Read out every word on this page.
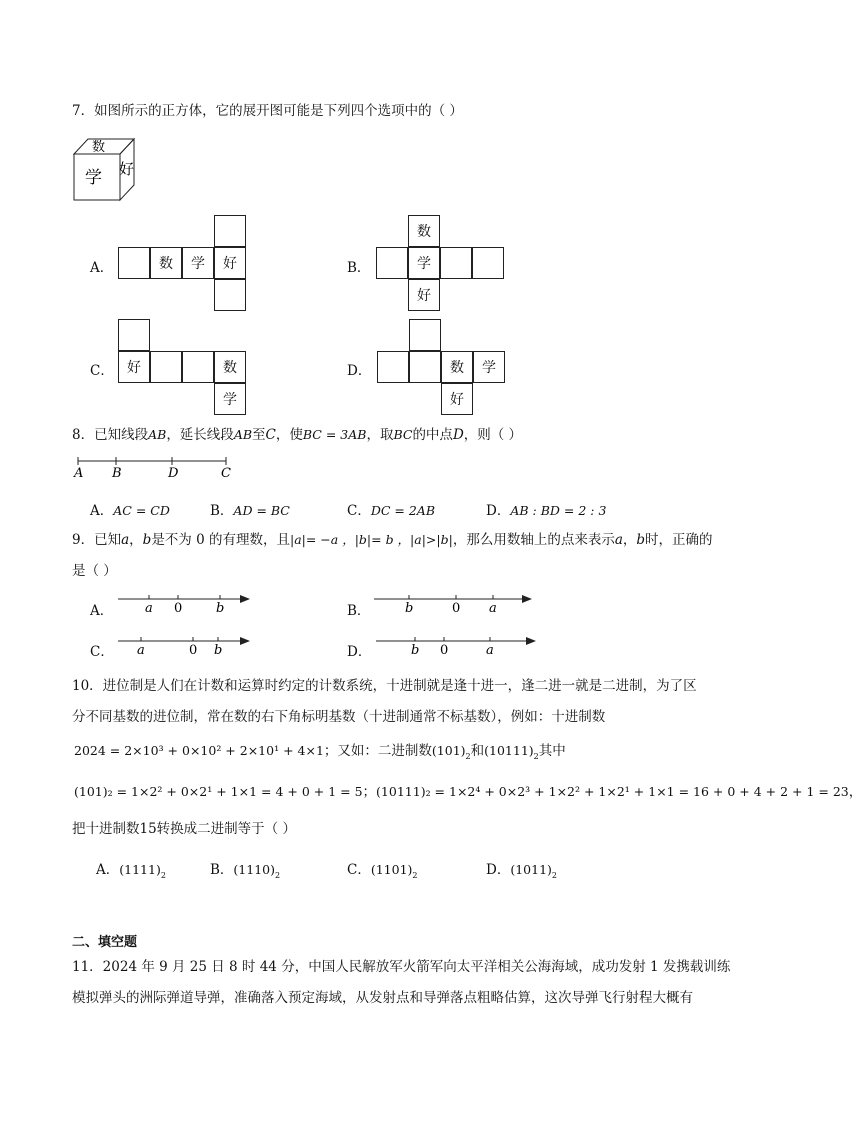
7．如图所示的正方体，它的展开图可能是下列四个选项中的（ ）
数
学 好
A．	数	学	好	B．
数
学
好
C． 好	数
学
D．	数	学
好
8．已知线段AB，延长线段AB至C，使BC = 3AB，取BC的中点D，则（ ）
A B	D	C
A．AC = CD	B．AD = BC	C．DC = 2AB	D．AB : BD = 2 : 3
9．已知a，b是不为 0 的有理数，且|a|= −a ，|b|= b ，|a|>|b|，那么用数轴上的点来表示a，b时，正确的
是（ ）
A． a 0	b	B．	b	0 a
C． a	0 b	D．	b 0	a
10．进位制是人们在计数和运算时约定的计数系统，十进制就是逢十进一，逢二进一就是二进制，为了区
分不同基数的进位制，常在数的右下角标明基数（十进制通常不标基数），例如：十进制数
2024 = 2×10³ + 0×10² + 2×10¹ + 4×1；又如：二进制数$(101)_2$和$(10111)_2$其中
(101)₂ = 1×2² + 0×2¹ + 1×1 = 4 + 0 + 1 = 5；(10111)₂ = 1×2⁴ + 0×2³ + 1×2² + 1×2¹ + 1×1 = 16 + 0 + 4 + 2 + 1 = 23，
把十进制数15转换成二进制等于（ ）
A．$(1111)_2$	B．$(1110)_2$	C．$(1101)_2$	D．$(1011)_2$
二、填空题
11．2024 年 9 月 25 日 8 时 44 分，中国人民解放军火箭军向太平洋相关公海海域，成功发射 1 发携载训练
模拟弹头的洲际弹道导弹，准确落入预定海域，从发射点和导弹落点粗略估算，这次导弹飞行射程大概有
